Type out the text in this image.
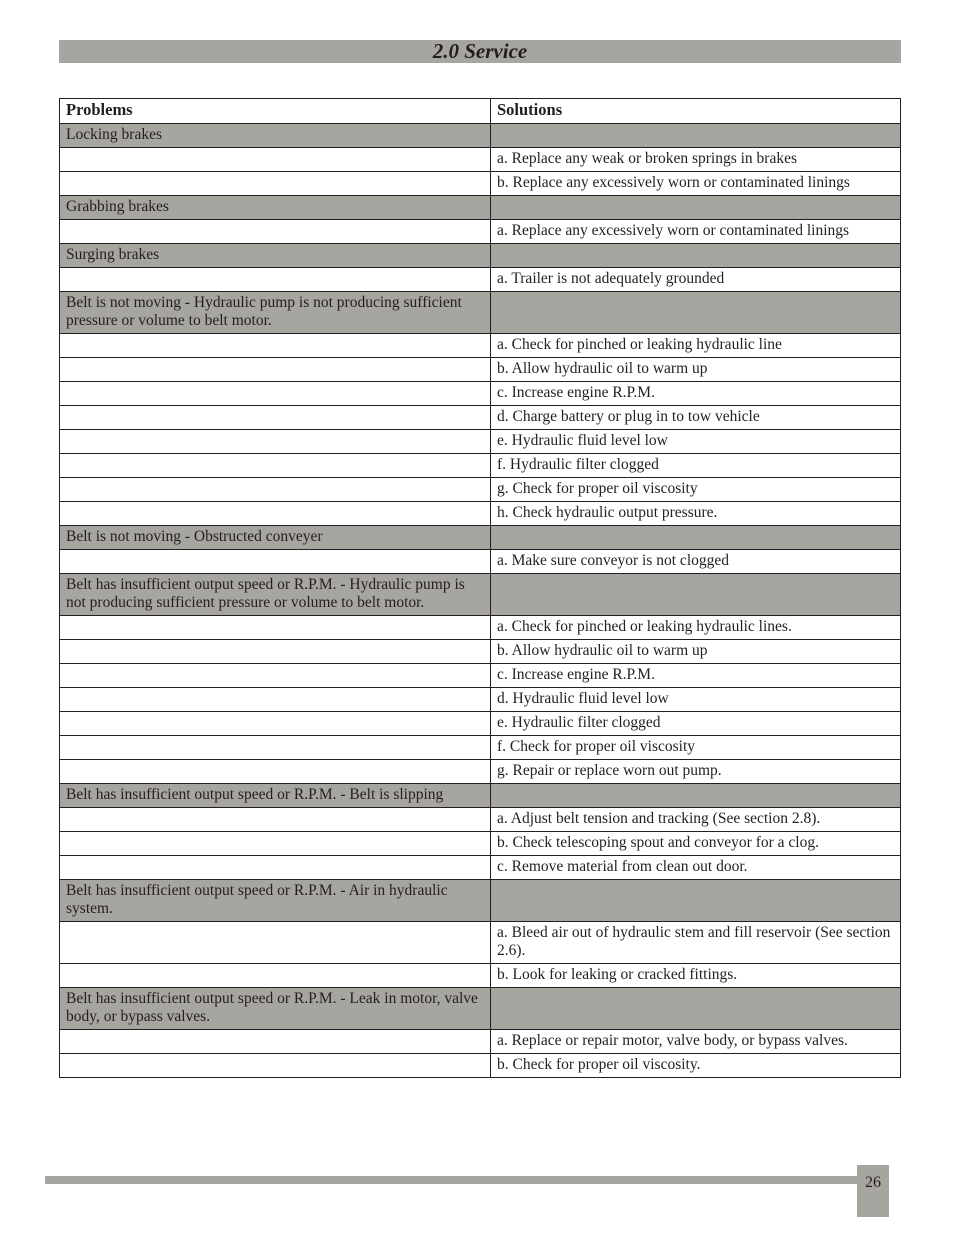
2.0 Service
Problems	Solutions
Locking brakes	
	a. Replace any weak or broken springs in brakes
	b. Replace any excessively worn or contaminated linings
Grabbing brakes	
	a. Replace any excessively worn or contaminated linings
Surging brakes	
	a. Trailer is not adequately grounded
Belt is not moving - Hydraulic pump is not producing sufficient pressure or volume to belt motor.	
	a. Check for pinched or leaking hydraulic line
	b. Allow hydraulic oil to warm up
	c. Increase engine R.P.M.
	d. Charge battery or plug in to tow vehicle
	e. Hydraulic fluid level low
	f. Hydraulic filter clogged
	g. Check for proper oil viscosity
	h. Check hydraulic output pressure.
Belt is not moving - Obstructed conveyer	
	a. Make sure conveyor is not clogged
Belt has insufficient output speed or R.P.M. - Hydraulic pump is not producing sufficient pressure or volume to belt motor.	
	a. Check for pinched or leaking hydraulic lines.
	b. Allow hydraulic oil to warm up
	c. Increase engine R.P.M.
	d. Hydraulic fluid level low
	e. Hydraulic filter clogged
	f. Check for proper oil viscosity
	g. Repair or replace worn out pump.
Belt has insufficient output speed or R.P.M. - Belt is slipping	
	a. Adjust belt tension and tracking (See section 2.8).
	b. Check telescoping spout and conveyor for a clog.
	c. Remove material from clean out door.
Belt has insufficient output speed or R.P.M. - Air in hydraulic system.	
	a. Bleed air out of hydraulic stem and fill reservoir (See section 2.6).
	b. Look for leaking or cracked fittings.
Belt has insufficient output speed or R.P.M. - Leak in motor, valve body, or bypass valves.	
	a. Replace or repair motor, valve body, or bypass valves.
	b. Check for proper oil viscosity.
26
